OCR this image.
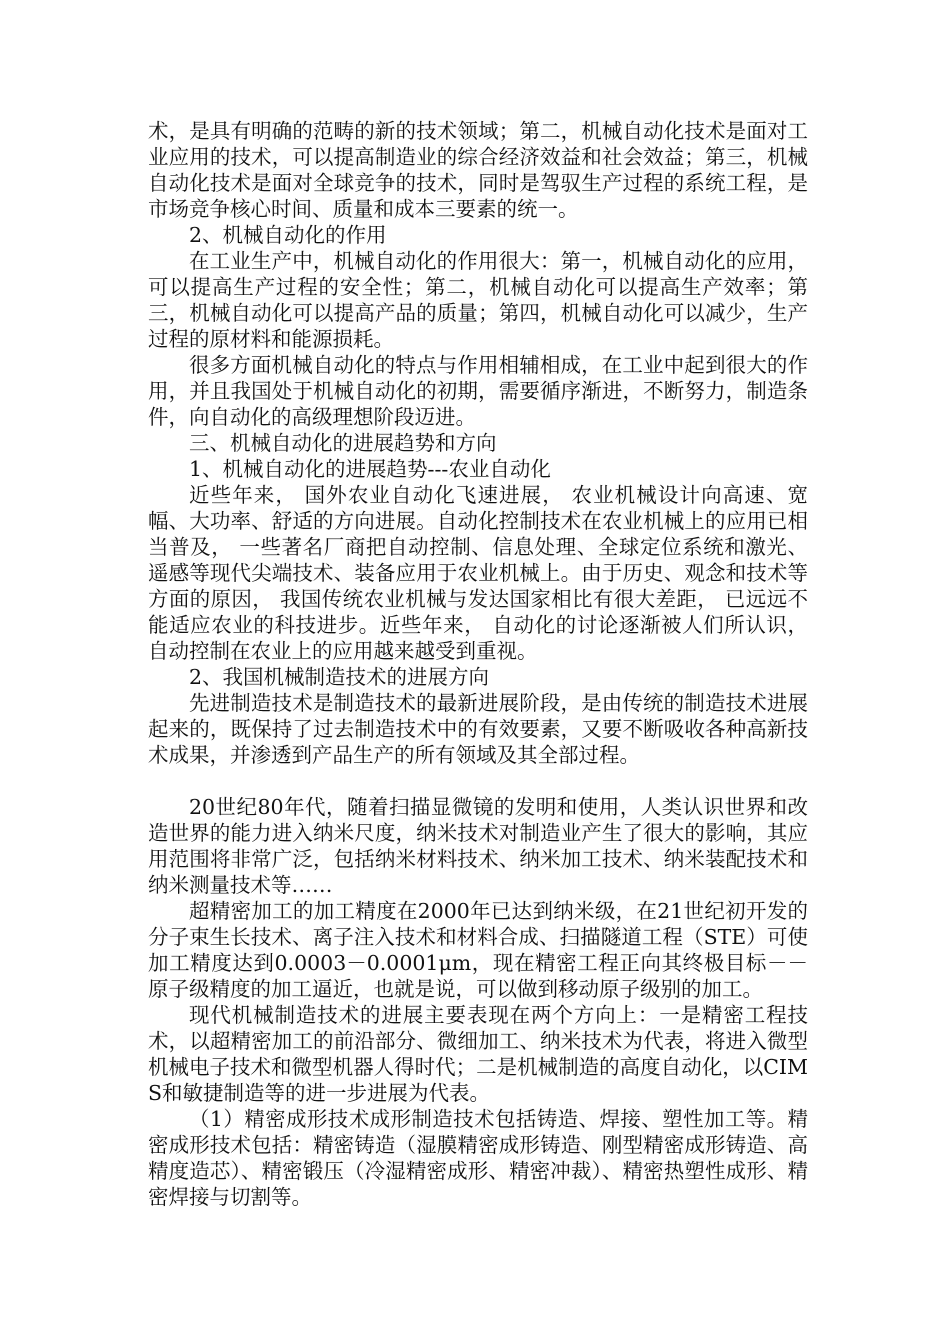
术，是具有明确的范畴的新的技术领域；第二，机械自动化技术是面对工业应用的技术，可以提高制造业的综合经济效益和社会效益；第三，机械自动化技术是面对全球竞争的技术，同时是驾驭生产过程的系统工程，是市场竞争核心时间、质量和成本三要素的统一。

2、机械自动化的作用

在工业生产中，机械自动化的作用很大：第一，机械自动化的应用，可以提高生产过程的安全性；第二，机械自动化可以提高生产效率；第三，机械自动化可以提高产品的质量；第四，机械自动化可以减少，生产过程的原材料和能源损耗。

很多方面机械自动化的特点与作用相辅相成，在工业中起到很大的作用，并且我国处于机械自动化的初期，需要循序渐进，不断努力，制造条件，向自动化的高级理想阶段迈进。

三、机械自动化的进展趋势和方向

1、机械自动化的进展趋势---农业自动化

近些年来， 国外农业自动化飞速进展， 农业机械设计向高速、宽幅、大功率、舒适的方向进展。自动化控制技术在农业机械上的应用已相当普及， 一些著名厂商把自动控制、信息处理、全球定位系统和激光、遥感等现代尖端技术、装备应用于农业机械上。由于历史、观念和技术等方面的原因， 我国传统农业机械与发达国家相比有很大差距， 已远远不能适应农业的科技进步。近些年来， 自动化的讨论逐渐被人们所认识， 自动控制在农业上的应用越来越受到重视。

2、我国机械制造技术的进展方向

先进制造技术是制造技术的最新进展阶段，是由传统的制造技术进展起来的，既保持了过去制造技术中的有效要素，又要不断吸收各种高新技术成果，并渗透到产品生产的所有领域及其全部过程。

20世纪80年代，随着扫描显微镜的发明和使用，人类认识世界和改造世界的能力进入纳米尺度，纳米技术对制造业产生了很大的影响，其应用范围将非常广泛，包括纳米材料技术、纳米加工技术、纳米装配技术和纳米测量技术等……

超精密加工的加工精度在2000年已达到纳米级，在21世纪初开发的分子束生长技术、离子注入技术和材料合成、扫描隧道工程（STE）可使加工精度达到0.0003－0.0001μm，现在精密工程正向其终极目标－－原子级精度的加工逼近，也就是说，可以做到移动原子级别的加工。

现代机械制造技术的进展主要表现在两个方向上：一是精密工程技术，以超精密加工的前沿部分、微细加工、纳米技术为代表，将进入微型机械电子技术和微型机器人得时代；二是机械制造的高度自动化，以CIMS和敏捷制造等的进一步进展为代表。

（1）精密成形技术成形制造技术包括铸造、焊接、塑性加工等。精密成形技术包括：精密铸造（湿膜精密成形铸造、刚型精密成形铸造、高精度造芯）、精密锻压（冷湿精密成形、精密冲裁）、精密热塑性成形、精密焊接与切割等。
